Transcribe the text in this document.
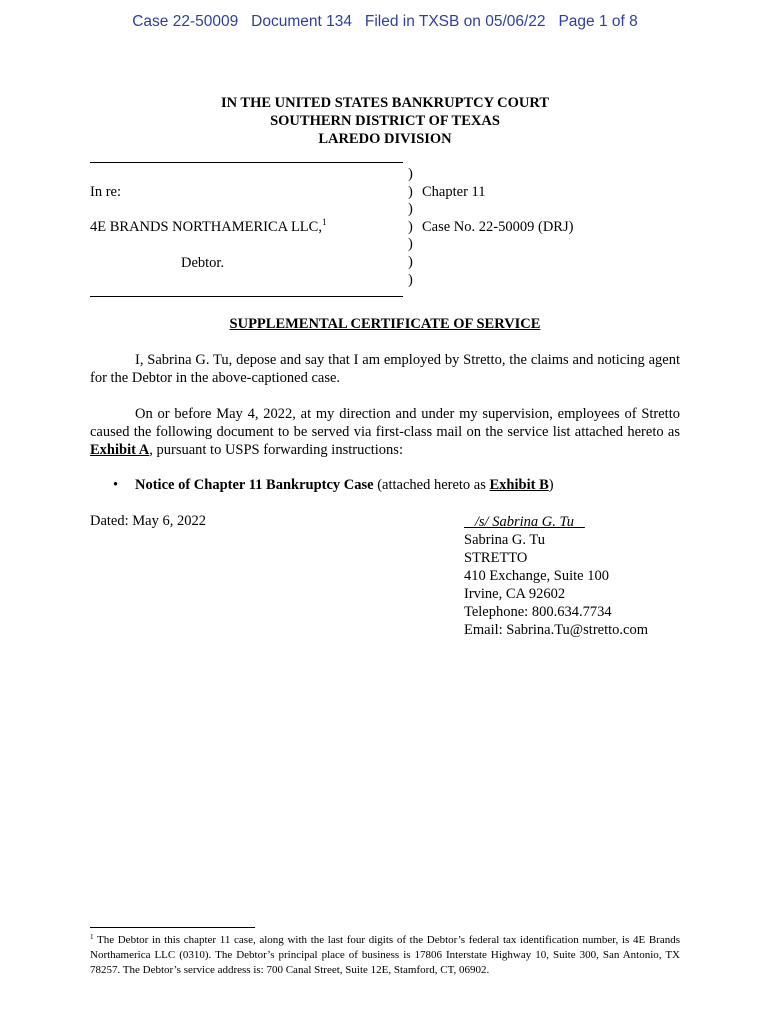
Case 22-50009   Document 134   Filed in TXSB on 05/06/22   Page 1 of 8
IN THE UNITED STATES BANKRUPTCY COURT
SOUTHERN DISTRICT OF TEXAS
LAREDO DIVISION
)
)
)
)
)
)
)
In re:
4E BRANDS NORTHAMERICA LLC,$^1$
Debtor.
Chapter 11
Case No. 22-50009 (DRJ)
SUPPLEMENTAL CERTIFICATE OF SERVICE
I, Sabrina G. Tu, depose and say that I am employed by Stretto, the claims and noticing agent for the Debtor in the above-captioned case.
On or before May 4, 2022, at my direction and under my supervision, employees of Stretto caused the following document to be served via first-class mail on the service list attached hereto as Exhibit A, pursuant to USPS forwarding instructions:
• Notice of Chapter 11 Bankruptcy Case (attached hereto as Exhibit B)
Dated: May 6, 2022	/s/ Sabrina G. Tu
Sabrina G. Tu
STRETTO
410 Exchange, Suite 100
Irvine, CA 92602
Telephone: 800.634.7734
Email: Sabrina.Tu@stretto.com
$^1$ The Debtor in this chapter 11 case, along with the last four digits of the Debtor’s federal tax identification number, is 4E Brands Northamerica LLC (0310). The Debtor’s principal place of business is 17806 Interstate Highway 10, Suite 300, San Antonio, TX 78257. The Debtor’s service address is: 700 Canal Street, Suite 12E, Stamford, CT, 06902.
